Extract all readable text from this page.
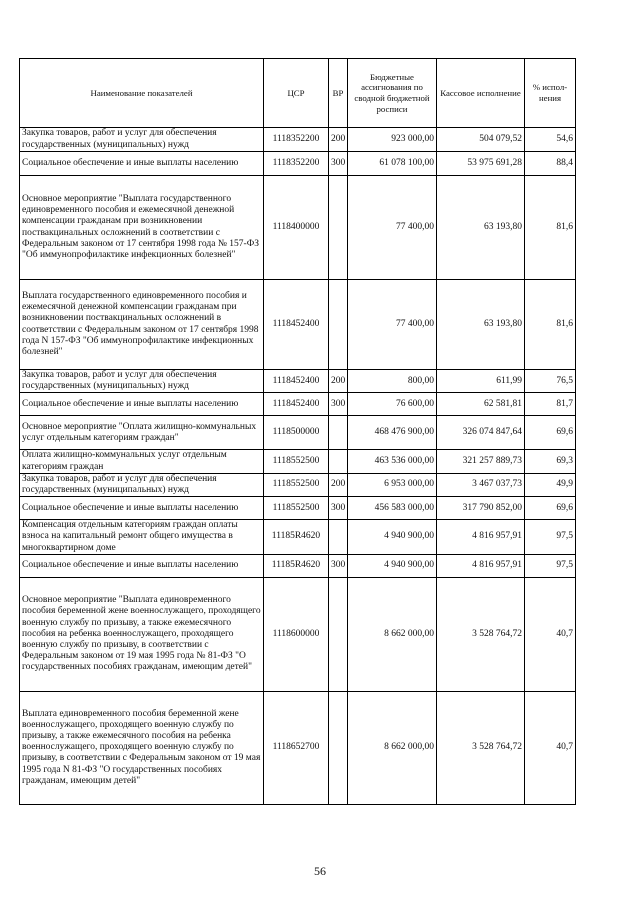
Наименование показателей	ЦСР	ВР	Бюджетные ассигнования по сводной бюджетной росписи	Кассовое исполнение	% испол-нения
Закупка товаров, работ и услуг для обеспечения государственных (муниципальных) нужд	1118352200	200	923 000,00	504 079,52	54,6
Социальное обеспечение и иные выплаты населению	1118352200	300	61 078 100,00	53 975 691,28	88,4
Основное мероприятие "Выплата государственного единовременного пособия и ежемесячной денежной компенсации гражданам при возникновении поствакцинальных осложнений в соответствии с Федеральным законом от 17 сентября 1998 года № 157-ФЗ "Об иммунопрофилактике инфекционных болезней"	1118400000		77 400,00	63 193,80	81,6
Выплата государственного единовременного пособия и ежемесячной денежной компенсации гражданам при возникновении поствакцинальных осложнений в соответствии с Федеральным законом от 17 сентября 1998 года N 157-ФЗ "Об иммунопрофилактике инфекционных болезней"	1118452400		77 400,00	63 193,80	81,6
Закупка товаров, работ и услуг для обеспечения государственных (муниципальных) нужд	1118452400	200	800,00	611,99	76,5
Социальное обеспечение и иные выплаты населению	1118452400	300	76 600,00	62 581,81	81,7
Основное мероприятие "Оплата жилищно-коммунальных услуг отдельным категориям граждан"	1118500000		468 476 900,00	326 074 847,64	69,6
Оплата жилищно-коммунальных услуг отдельным категориям граждан	1118552500		463 536 000,00	321 257 889,73	69,3
Закупка товаров, работ и услуг для обеспечения государственных (муниципальных) нужд	1118552500	200	6 953 000,00	3 467 037,73	49,9
Социальное обеспечение и иные выплаты населению	1118552500	300	456 583 000,00	317 790 852,00	69,6
Компенсация отдельным категориям граждан оплаты взноса на капитальный ремонт общего имущества в многоквартирном доме	11185R4620		4 940 900,00	4 816 957,91	97,5
Социальное обеспечение и иные выплаты населению	11185R4620	300	4 940 900,00	4 816 957,91	97,5
Основное мероприятие "Выплата единовременного пособия беременной жене военнослужащего, проходящего военную службу по призыву, а также ежемесячного пособия на ребенка военнослужащего, проходящего военную службу по призыву, в соответствии с Федеральным законом от 19 мая 1995 года № 81-ФЗ "О государственных пособиях гражданам, имеющим детей"	1118600000		8 662 000,00	3 528 764,72	40,7
Выплата единовременного пособия беременной жене военнослужащего, проходящего военную службу по призыву, а также ежемесячного пособия на ребенка военнослужащего, проходящего военную службу по призыву, в соответствии с Федеральным законом от 19 мая 1995 года N 81-ФЗ "О государственных пособиях гражданам, имеющим детей"	1118652700		8 662 000,00	3 528 764,72	40,7
56
